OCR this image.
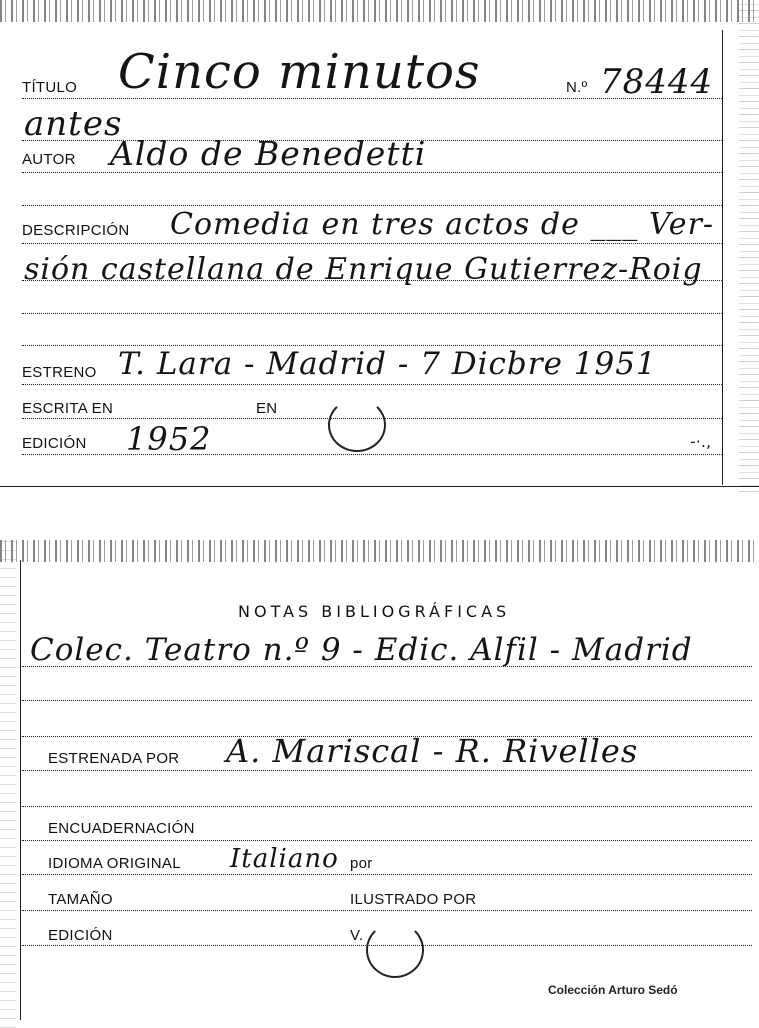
TÍTULO Cinco minutos	N.º 78444
antes
AUTOR Aldo de Benedetti
DESCRIPCIÓN Comedia en tres actos de ___ Ver-
sión castellana de Enrique Gutierrez-Roig
ESTRENO T. Lara - Madrid - 7 Dicbre 1951
ESCRITA EN	EN
EDICIÓN 1952	-·.,
NOTAS BIBLIOGRÁFICAS
Colec. Teatro n.º 9 - Edic. Alfil - Madrid
ESTRENADA POR A. Mariscal - R. Rivelles
ENCUADERNACIÓN
IDIOMA ORIGINAL Italiano por
TAMAÑO	ILUSTRADO POR
EDICIÓN	V.
Colección Arturo Sedó
